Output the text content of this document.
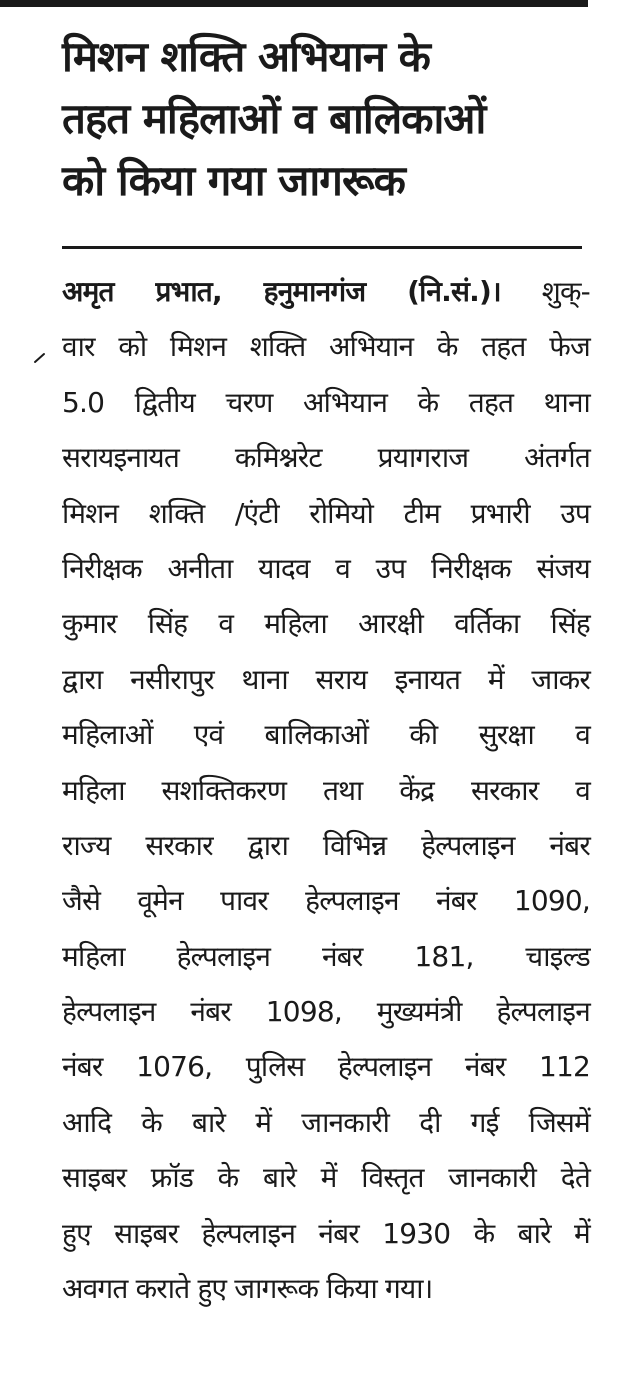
मिशन शक्ति अभियान के
तहत महिलाओं व बालिकाओं
को किया गया जागरूक
अमृत प्रभात, हनुमानगंज (नि.सं.)। शुक्-
वार को मिशन शक्ति अभियान के तहत फेज
5.0 द्वितीय चरण अभियान के तहत थाना
सरायइनायत कमिश्नरेट प्रयागराज अंतर्गत
मिशन शक्ति /एंटी रोमियो टीम प्रभारी उप
निरीक्षक अनीता यादव व उप निरीक्षक संजय
कुमार सिंह व महिला आरक्षी वर्तिका सिंह
द्वारा नसीरापुर थाना सराय इनायत में जाकर
महिलाओं एवं बालिकाओं की सुरक्षा व
महिला सशक्तिकरण तथा केंद्र सरकार व
राज्य सरकार द्वारा विभिन्न हेल्पलाइन नंबर
जैसे वूमेन पावर हेल्पलाइन नंबर 1090,
महिला हेल्पलाइन नंबर 181, चाइल्ड
हेल्पलाइन नंबर 1098, मुख्यमंत्री हेल्पलाइन
नंबर 1076, पुलिस हेल्पलाइन नंबर 112
आदि के बारे में जानकारी दी गई जिसमें
साइबर फ्रॉड के बारे में विस्तृत जानकारी देते
हुए साइबर हेल्पलाइन नंबर 1930 के बारे में
अवगत कराते हुए जागरूक किया गया।
